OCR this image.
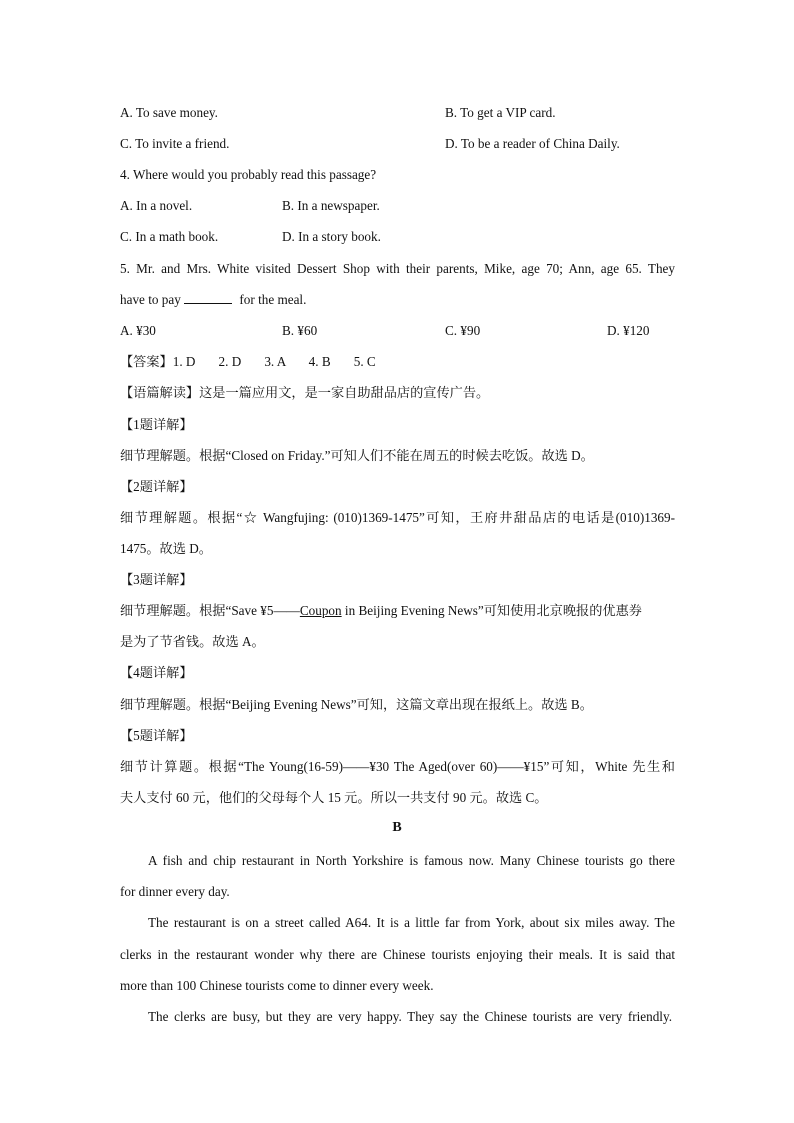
A. To save money.	B. To get a VIP card.
C. To invite a friend.	D. To be a reader of China Daily.
4. Where would you probably read this passage?
A. In a novel.	B. In a newspaper.
C. In a math book.	D. In a story book.
5. Mr. and Mrs. White visited Dessert Shop with their parents, Mike, age 70; Ann, age 65. They
have to pay	for the meal.
A. ¥30	B. ¥60	C. ¥90	D. ¥120
【答案】1. D       2. D       3. A       4. B       5. C
【语篇解读】这是一篇应用文，是一家自助甜品店的宣传广告。
【1题详解】
细节理解题。根据“Closed on Friday.”可知人们不能在周五的时候去吃饭。故选 D。
【2题详解】
细节理解题。根据“☆ Wangfujing: (010)1369-1475”可知，王府井甜品店的电话是(010)1369-
1475。故选 D。
【3题详解】
细节理解题。根据“Save ¥5——Coupon in Beijing Evening News”可知使用北京晚报的优惠券
是为了节省钱。故选 A。
【4题详解】
细节理解题。根据“Beijing Evening News”可知，这篇文章出现在报纸上。故选 B。
【5题详解】
细节计算题。根据“The Young(16-59)——¥30 The Aged(over 60)——¥15”可知，White 先生和
夫人支付 60 元，他们的父母每个人 15 元。所以一共支付 90 元。故选 C。
B
A fish and chip restaurant in North Yorkshire is famous now. Many Chinese tourists go there
for dinner every day.
The restaurant is on a street called A64. It is a little far from York, about six miles away. The
clerks in the restaurant wonder why there are Chinese tourists enjoying their meals. It is said that
more than 100 Chinese tourists come to dinner every week.
The clerks are busy, but they are very happy. They say the Chinese tourists are very friendly.
